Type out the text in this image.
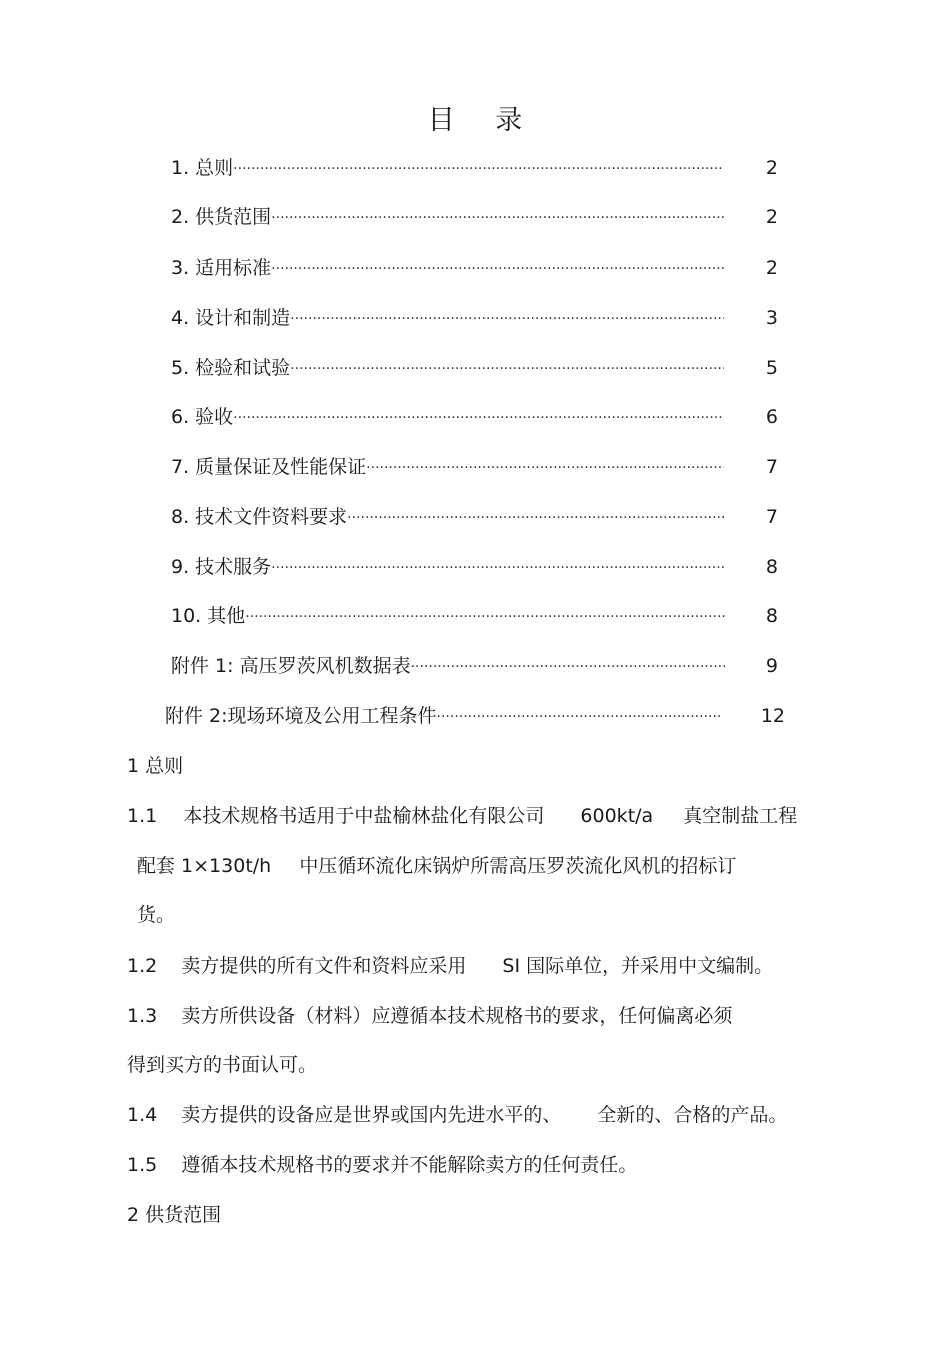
目 录
1. 总则 ·····	2
2. 供货范围 ·····	2
3. 适用标准 ·····	2
4. 设计和制造 ·····	3
5. 检验和试验 ·····	5
6. 验收 ·····	6
7. 质量保证及性能保证 ·····	7
8. 技术文件资料要求 ·····	7
9. 技术服务 ·····	8
10. 其他 ·····	8
附件 1: 高压罗茨风机数据表 ·····	9
附件 2:现场环境及公用工程条件 ·····	12
1 总则
1.1 本技术规格书适用于中盐榆林盐化有限公司 600kt/a 真空制盐工程
配套 1×130t/h 中压循环流化床锅炉所需高压罗茨流化风机的招标订
货。
1.2 卖方提供的所有文件和资料应采用 SI 国际单位，并采用中文编制。
1.3 卖方所供设备（材料）应遵循本技术规格书的要求，任何偏离必须
得到买方的书面认可。
1.4 卖方提供的设备应是世界或国内先进水平的、 全新的、合格的产品。
1.5 遵循本技术规格书的要求并不能解除卖方的任何责任。
2 供货范围
